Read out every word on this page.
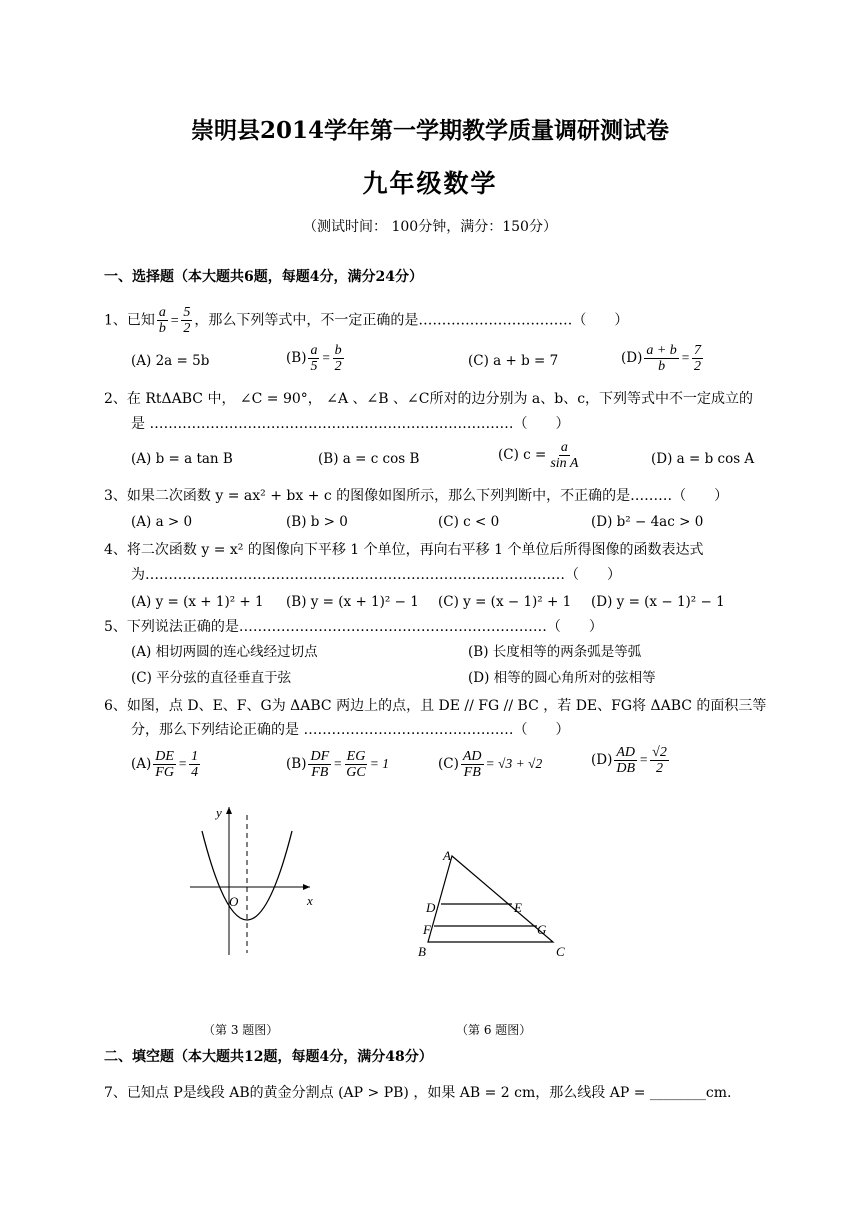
崇明县2014学年第一学期教学质量调研测试卷
九年级数学
（测试时间： 100分钟，满分：150分）
一、选择题（本大题共6题，每题4分，满分24分）
1、已知 $\frac{a}{b} = \frac{5}{2}$ ，那么下列等式中，不一定正确的是……………………………（　　）
(A) 2a = 5b	$(B) \frac{a}{5} = \frac{b}{2}$	(C) a + b = 7	$(D) \frac{a + b}{b} = \frac{7}{2}$
2、在 RtΔABC 中， ∠C = 90°， ∠A 、∠B 、∠C所对的边分别为 a、b、c，下列等式中不一定成立的
是 ……………………………………………………………………（　　）
(A) b = a tan B	(B) a = c cos B	(C) $c = \frac{a}{\text{sin A}}$	(D) a = b cos A
3、如果二次函数 y = ax² + bx + c 的图像如图所示，那么下列判断中，不正确的是………（　　）
(A) a > 0	(B) b > 0	(C) c < 0	(D) b² − 4ac > 0
4、将二次函数 y = x² 的图像向下平移 1 个单位，再向右平移 1 个单位后所得图像的函数表达式
为………………………………………………………………………………（　　）
(A) y = (x + 1)² + 1 (B) y = (x + 1)² − 1 (C) y = (x − 1)² + 1 (D) y = (x − 1)² − 1
5、下列说法正确的是…………………………………………………………（　　）
(A) 相切两圆的连心线经过切点	(B) 长度相等的两条弧是等弧
(C) 平分弦的直径垂直于弦	(D) 相等的圆心角所对的弦相等
6、如图，点 D、E、F、G为 ΔABC 两边上的点，且 DE // FG // BC ，若 DE、FG将 ΔABC 的面积三等
分，那么下列结论正确的是 ………………………………………（　　）
$(A) \frac{DE}{FG} = \frac{1}{4}$	$(B) \frac{DF}{FB} = \frac{EG}{GC} = 1$	$(C) \frac{AD}{FB} = √3 + √2$	$(D) \frac{AD}{DB} = \frac{√2}{2}$
y
x
O
（第 3 题图）
A
B	C
D	E
F	G
（第 6 题图）
二、填空题（本大题共12题，每题4分，满分48分）
7、已知点 P是线段 AB的黄金分割点 (AP > PB) ，如果 AB = 2 cm，那么线段 AP = ________cm.
